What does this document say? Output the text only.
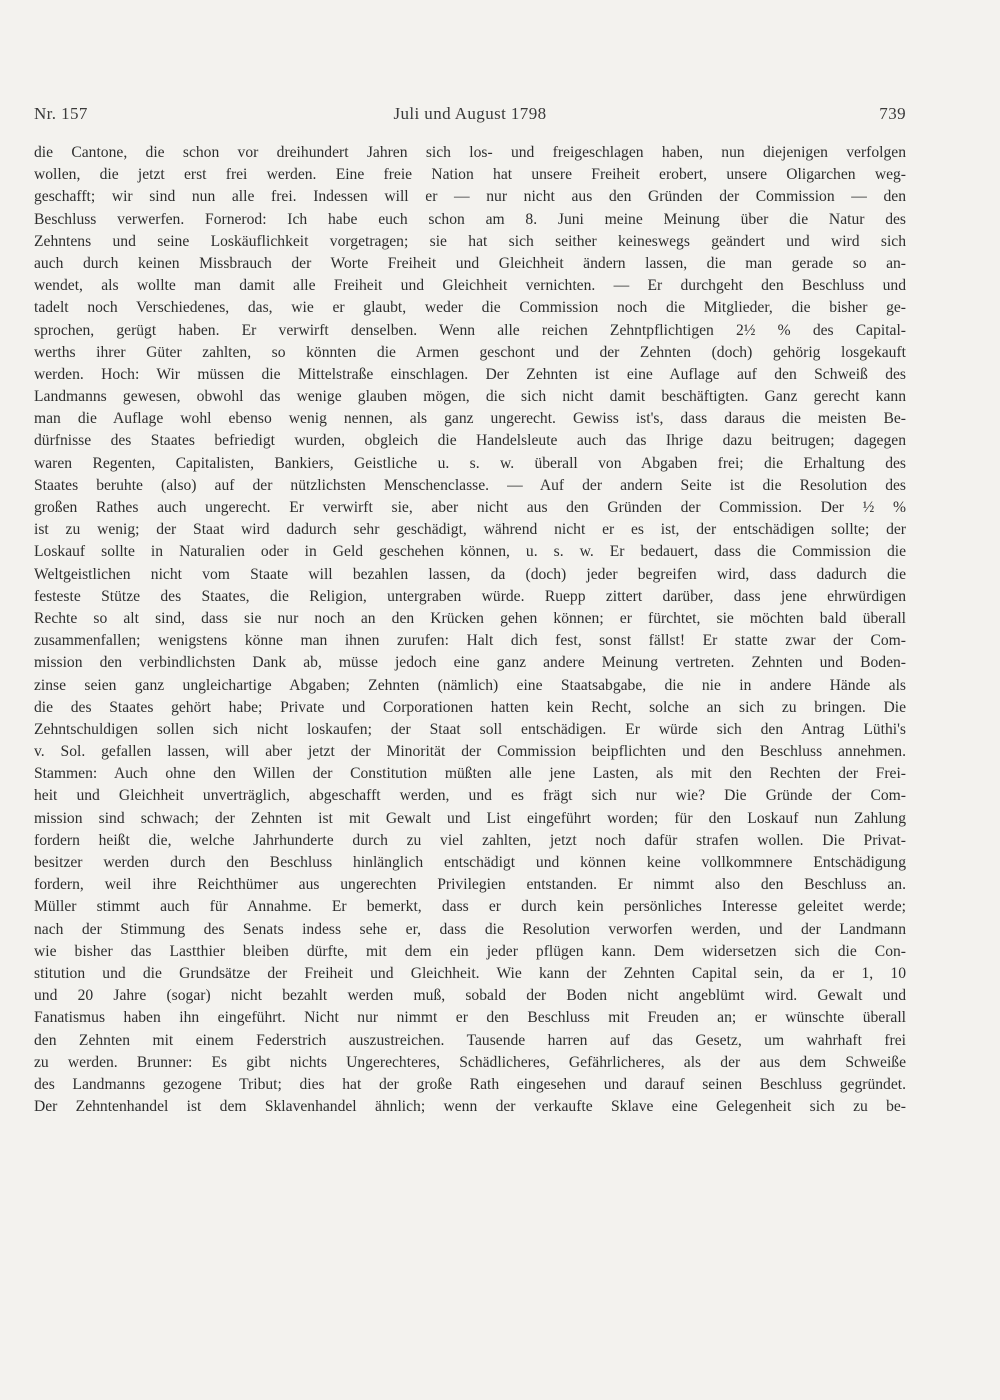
Nr. 157	Juli und August 1798	739
die Cantone, die schon vor dreihundert Jahren sich los- und freigeschlagen haben, nun diejenigen verfolgen
wollen, die jetzt erst frei werden. Eine freie Nation hat unsere Freiheit erobert, unsere Oligarchen weg-
geschafft; wir sind nun alle frei. Indessen will er — nur nicht aus den Gründen der Commission — den
Beschluss verwerfen. Fornerod: Ich habe euch schon am 8. Juni meine Meinung über die Natur des
Zehntens und seine Loskäuflichkeit vorgetragen; sie hat sich seither keineswegs geändert und wird sich
auch durch keinen Missbrauch der Worte Freiheit und Gleichheit ändern lassen, die man gerade so an-
wendet, als wollte man damit alle Freiheit und Gleichheit vernichten. — Er durchgeht den Beschluss und
tadelt noch Verschiedenes, das, wie er glaubt, weder die Commission noch die Mitglieder, die bisher ge-
sprochen, gerügt haben. Er verwirft denselben. Wenn alle reichen Zehntpflichtigen 2½ % des Capital-
werths ihrer Güter zahlten, so könnten die Armen geschont und der Zehnten (doch) gehörig losgekauft
werden. Hoch: Wir müssen die Mittelstraße einschlagen. Der Zehnten ist eine Auflage auf den Schweiß des
Landmanns gewesen, obwohl das wenige glauben mögen, die sich nicht damit beschäftigten. Ganz gerecht kann
man die Auflage wohl ebenso wenig nennen, als ganz ungerecht. Gewiss ist's, dass daraus die meisten Be-
dürfnisse des Staates befriedigt wurden, obgleich die Handelsleute auch das Ihrige dazu beitrugen; dagegen
waren Regenten, Capitalisten, Bankiers, Geistliche u. s. w. überall von Abgaben frei; die Erhaltung des
Staates beruhte (also) auf der nützlichsten Menschenclasse. — Auf der andern Seite ist die Resolution des
großen Rathes auch ungerecht. Er verwirft sie, aber nicht aus den Gründen der Commission. Der ½ %
ist zu wenig; der Staat wird dadurch sehr geschädigt, während nicht er es ist, der entschädigen sollte; der
Loskauf sollte in Naturalien oder in Geld geschehen können, u. s. w. Er bedauert, dass die Commission die
Weltgeistlichen nicht vom Staate will bezahlen lassen, da (doch) jeder begreifen wird, dass dadurch die
festeste Stütze des Staates, die Religion, untergraben würde. Ruepp zittert darüber, dass jene ehrwürdigen
Rechte so alt sind, dass sie nur noch an den Krücken gehen können; er fürchtet, sie möchten bald überall
zusammenfallen; wenigstens könne man ihnen zurufen: Halt dich fest, sonst fällst! Er statte zwar der Com-
mission den verbindlichsten Dank ab, müsse jedoch eine ganz andere Meinung vertreten. Zehnten und Boden-
zinse seien ganz ungleichartige Abgaben; Zehnten (nämlich) eine Staatsabgabe, die nie in andere Hände als
die des Staates gehört habe; Private und Corporationen hatten kein Recht, solche an sich zu bringen. Die
Zehntschuldigen sollen sich nicht loskaufen; der Staat soll entschädigen. Er würde sich den Antrag Lüthi's
v. Sol. gefallen lassen, will aber jetzt der Minorität der Commission beipflichten und den Beschluss annehmen.
Stammen: Auch ohne den Willen der Constitution müßten alle jene Lasten, als mit den Rechten der Frei-
heit und Gleichheit unverträglich, abgeschafft werden, und es frägt sich nur wie? Die Gründe der Com-
mission sind schwach; der Zehnten ist mit Gewalt und List eingeführt worden; für den Loskauf nun Zahlung
fordern heißt die, welche Jahrhunderte durch zu viel zahlten, jetzt noch dafür strafen wollen. Die Privat-
besitzer werden durch den Beschluss hinlänglich entschädigt und können keine vollkommnere Entschädigung
fordern, weil ihre Reichthümer aus ungerechten Privilegien entstanden. Er nimmt also den Beschluss an.
Müller stimmt auch für Annahme. Er bemerkt, dass er durch kein persönliches Interesse geleitet werde;
nach der Stimmung des Senats indess sehe er, dass die Resolution verworfen werden, und der Landmann
wie bisher das Lastthier bleiben dürfte, mit dem ein jeder pflügen kann. Dem widersetzen sich die Con-
stitution und die Grundsätze der Freiheit und Gleichheit. Wie kann der Zehnten Capital sein, da er 1, 10
und 20 Jahre (sogar) nicht bezahlt werden muß, sobald der Boden nicht angeblümt wird. Gewalt und
Fanatismus haben ihn eingeführt. Nicht nur nimmt er den Beschluss mit Freuden an; er wünschte überall
den Zehnten mit einem Federstrich auszustreichen. Tausende harren auf das Gesetz, um wahrhaft frei
zu werden. Brunner: Es gibt nichts Ungerechteres, Schädlicheres, Gefährlicheres, als der aus dem Schweiße
des Landmanns gezogene Tribut; dies hat der große Rath eingesehen und darauf seinen Beschluss gegründet.
Der Zehntenhandel ist dem Sklavenhandel ähnlich; wenn der verkaufte Sklave eine Gelegenheit sich zu be-
